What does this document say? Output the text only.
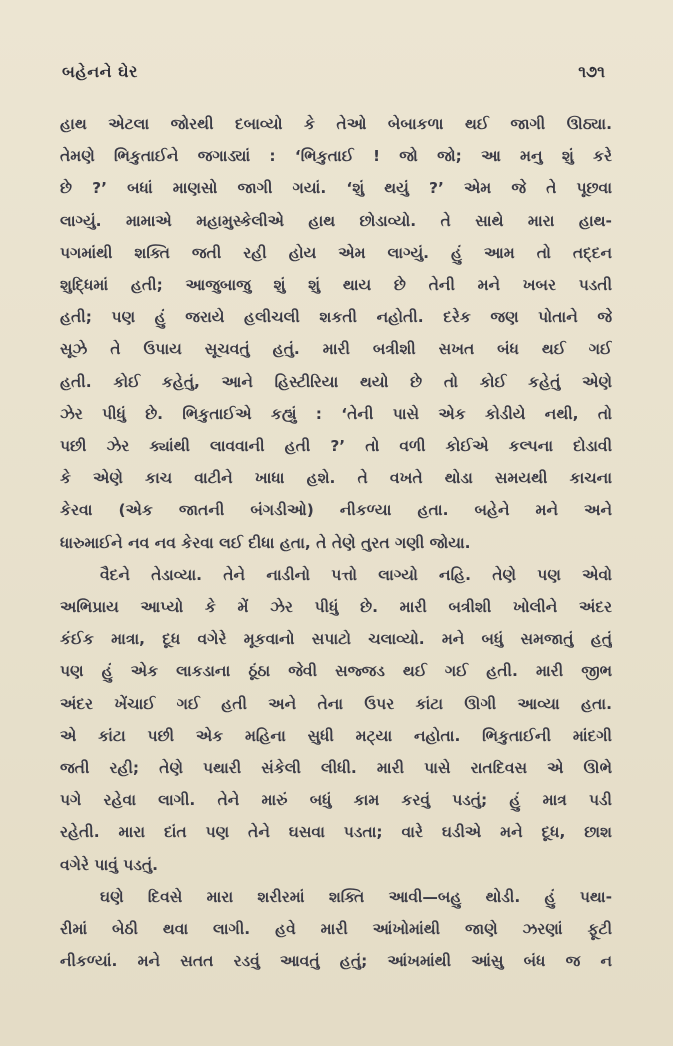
બહેનને ઘેર	૧૭૧

હાથ એટલા જોરથી દબાવ્યો કે તેઓ બેબાકળા થઈ જાગી ઊઠ્યા.
તેમણે ભિકુતાઈને જગાડ્યાં : ‘ભિકુતાઈ ! જો જો; આ મનુ શું કરે
છે ?’ બધાં માણસો જાગી ગયાં. ‘શું થયું ?’ એમ જે તે પૂછવા
લાગ્યું. મામાએ મહામુસ્કેલીએ હાથ છોડાવ્યો. તે સાથે મારા હાથ-
પગમાંથી શક્તિ જતી રહી હોય એમ લાગ્યું. હું આમ તો તદ્દન
શુદ્ધિમાં હતી; આજુબાજુ શું શું થાય છે તેની મને ખબર પડતી
હતી; પણ હું જરાયે હલીચલી શકતી નહોતી. દરેક જણ પોતાને જે
સૂઝે તે ઉપાય સૂચવતું હતું. મારી બત્રીશી સખત બંધ થઈ ગઈ
હતી. કોઈ કહેતું, આને હિસ્ટીરિયા થયો છે તો કોઈ કહેતું એણે
ઝેર પીધું છે. ભિકુતાઈએ કહ્યું : ‘તેની પાસે એક કોડીયે નથી, તો
પછી ઝેર ક્યાંથી લાવવાની હતી ?’ તો વળી કોઈએ કલ્પના દોડાવી
કે એણે કાચ વાટીને ખાધા હશે. તે વખતે થોડા સમયથી કાચના
કેરવા (એક જાતની બંગડીઓ) નીકળ્યા હતા. બહેને મને અને
ધારુમાઈને નવ નવ કેરવા લઈ દીધા હતા, તે તેણે તુરત ગણી જોયા.

વૈદને તેડાવ્યા. તેને નાડીનો પત્તો લાગ્યો નહિ. તેણે પણ એવો
અભિપ્રાય આપ્યો કે મેં ઝેર પીધું છે. મારી બત્રીશી ખોલીને અંદર
કંઈક માત્રા, દૂધ વગેરે મૂકવાનો સપાટો ચલાવ્યો. મને બધું સમજાતું હતું
પણ હું એક લાકડાના ઠૂંઠા જેવી સજ્જડ થઈ ગઈ હતી. મારી જીભ
અંદર ખેંચાઈ ગઈ હતી અને તેના ઉપર કાંટા ઊગી આવ્યા હતા.
એ કાંટા પછી એક મહિના સુધી મટ્યા નહોતા. ભિકુતાઈની માંદગી
જતી રહી; તેણે પથારી સંકેલી લીધી. મારી પાસે રાતદિવસ એ ઊભે
પગે રહેવા લાગી. તેને મારું બધું કામ કરવું પડતું; હું માત્ર પડી
રહેતી. મારા દાંત પણ તેને ઘસવા પડતા; વારે ઘડીએ મને દૂધ, છાશ
વગેરે પાવું પડતું.

ઘણે દિવસે મારા શરીરમાં શક્તિ આવી—બહુ થોડી. હું પથા-
રીમાં બેઠી થવા લાગી. હવે મારી આંખોમાંથી જાણે ઝરણાં ફૂટી
નીકળ્યાં. મને સતત રડવું આવતું હતું; આંખમાંથી આંસુ બંધ જ ન
